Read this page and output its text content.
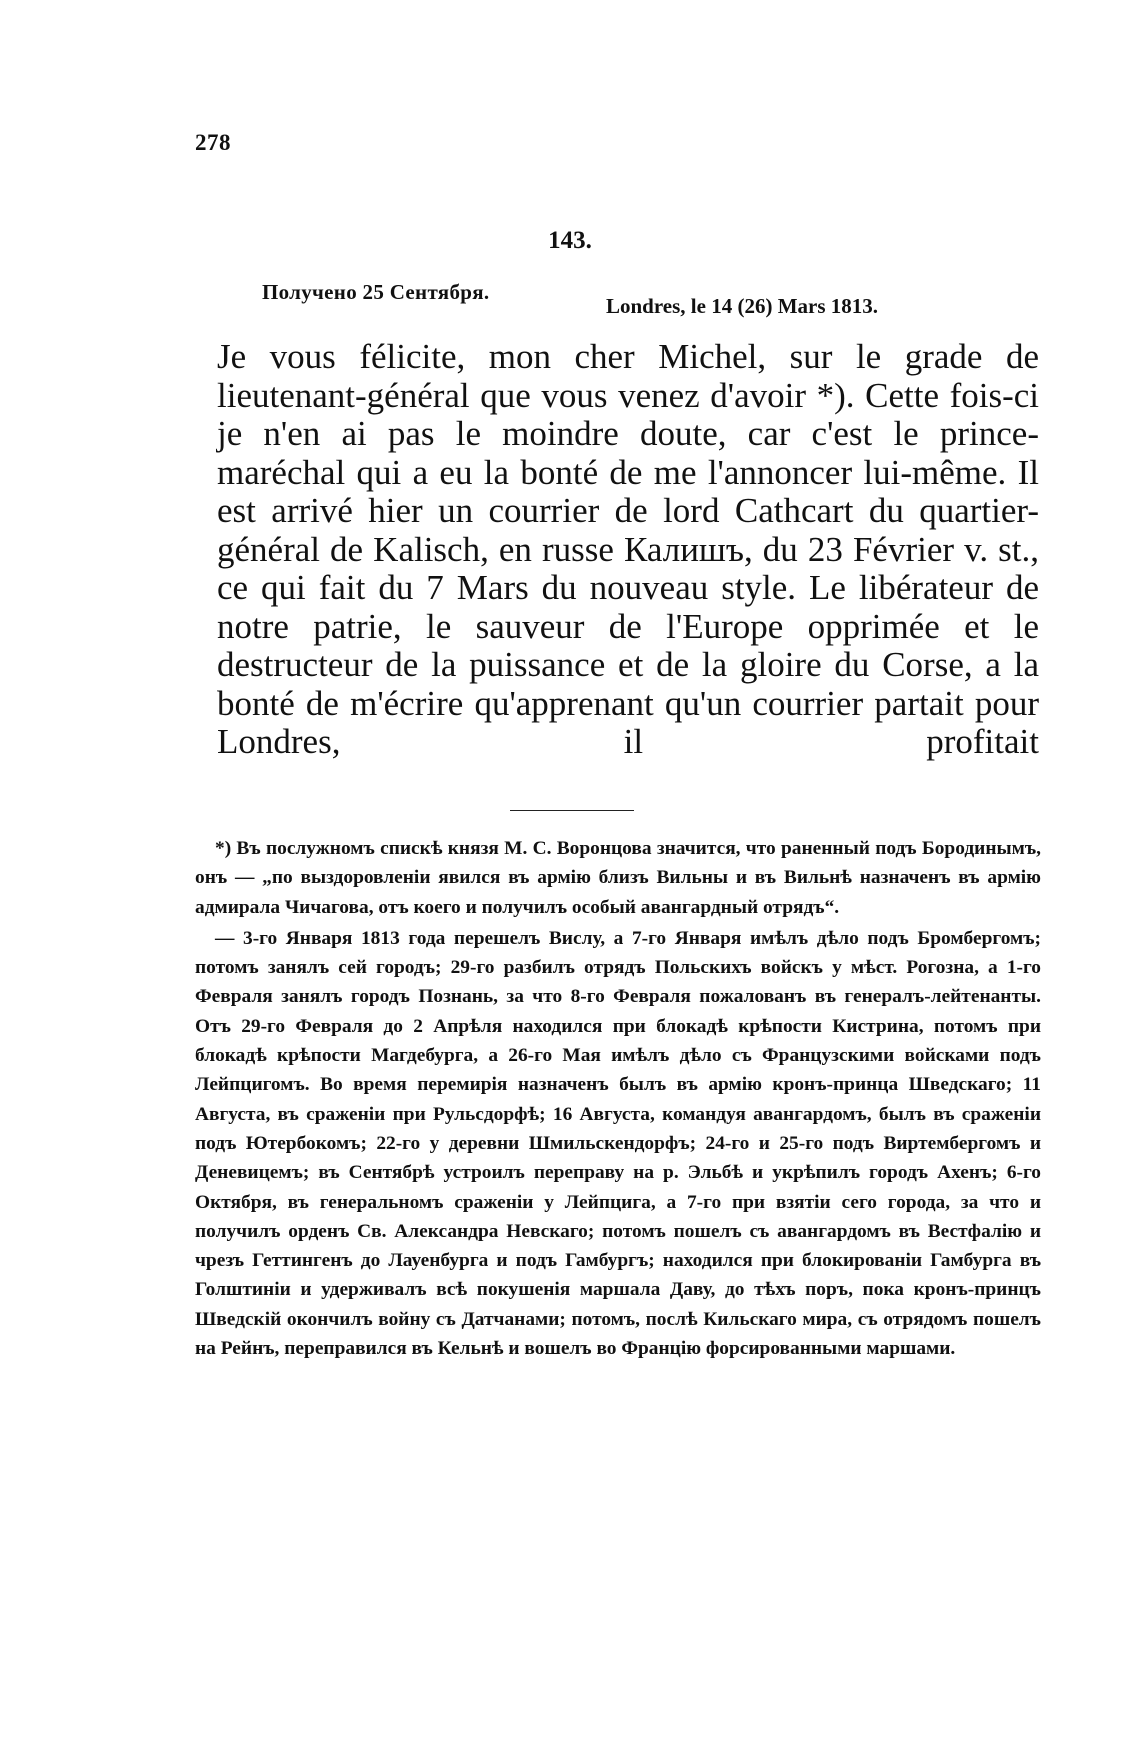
278
143.
Получено 25 Сентября.
Londres, le 14 (26) Mars 1813.

Je vous félicite, mon cher Michel, sur le grade de lieutenant-général que vous venez d'avoir *). Cette fois-ci je n'en ai pas le moindre doute, car c'est le prince-maréchal qui a eu la bonté de me l'annoncer lui-même. Il est arrivé hier un courrier de lord Cathcart du quartier-général de Kalisch, en russe Калишъ, du 23 Février v. st., ce qui fait du 7 Mars du nouveau style. Le libérateur de notre patrie, le sauveur de l'Europe opprimée et le destructeur de la puissance et de la gloire du Corse, a la bonté de m'écrire qu'apprenant qu'un courrier partait pour Londres, il profitait

*) Въ послужномъ спискѣ князя М. С. Воронцова значится, что раненный подъ Бородинымъ, онъ — „по выздоровленіи явился въ армію близъ Вильны и въ Вильнѣ назначенъ въ армію адмирала Чичагова, отъ коего и получилъ особый авангардный отрядъ“.

— 3-го Января 1813 года перешелъ Вислу, а 7-го Января имѣлъ дѣло подъ Бромбергомъ; потомъ занялъ сей городъ; 29-го разбилъ отрядъ Польскихъ войскъ у мѣст. Рогозна, а 1-го Февраля занялъ городъ Познань, за что 8-го Февраля пожалованъ въ генералъ-лейтенанты. Отъ 29-го Февраля до 2 Апрѣля находился при блокадѣ крѣпости Кистрина, потомъ при блокадѣ крѣпости Магдебурга, а 26-го Мая имѣлъ дѣло съ Французскими войсками подъ Лейпцигомъ. Во время перемирія назначенъ былъ въ армію кронъ-принца Шведскаго; 11 Августа, въ сраженіи при Рульсдорфѣ; 16 Августа, командуя авангардомъ, былъ въ сраженіи подъ Ютербокомъ; 22-го у деревни Шмильскендорфъ; 24-го и 25-го подъ Виртембергомъ и Деневицемъ; въ Сентябрѣ устроилъ переправу на р. Эльбѣ и укрѣпилъ городъ Ахенъ; 6-го Октября, въ генеральномъ сраженіи у Лейпцига, а 7-го при взятіи сего города, за что и получилъ орденъ Св. Александра Невскаго; потомъ пошелъ съ авангардомъ въ Вестфалію и чрезъ Геттингенъ до Лауенбурга и подъ Гамбургъ; находился при блокированіи Гамбурга въ Голштиніи и удерживалъ всѣ покушенія маршала Даву, до тѣхъ поръ, пока кронъ-принцъ Шведскій окончилъ войну съ Датчанами; потомъ, послѣ Кильскаго мира, съ отрядомъ пошелъ на Рейнъ, переправился въ Кельнѣ и вошелъ во Францію форсированными маршами.
